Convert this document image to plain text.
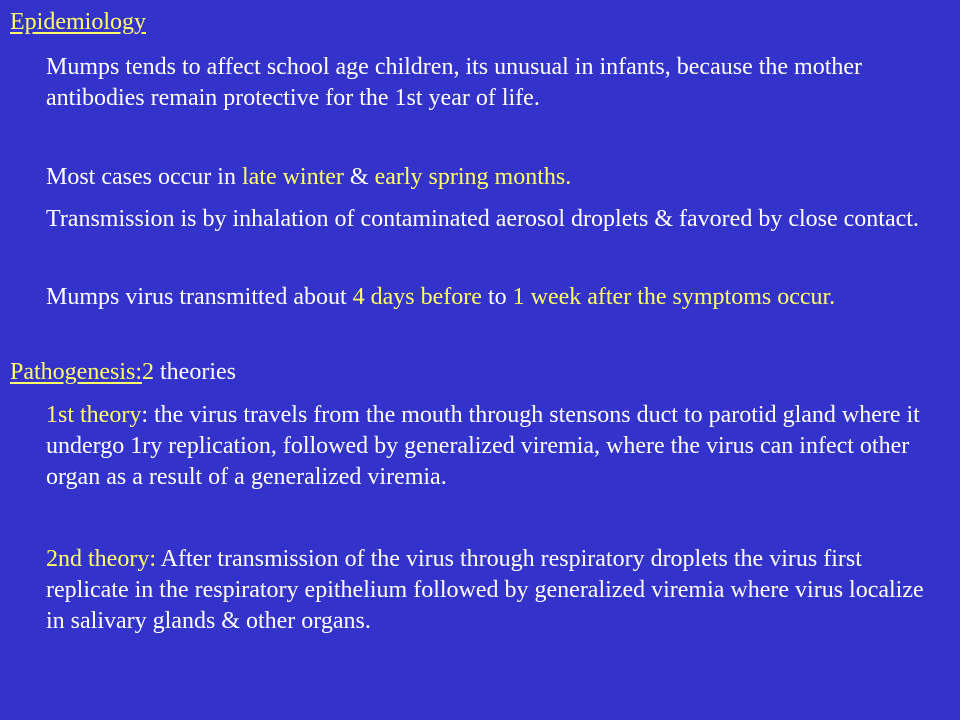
Epidemiology

Mumps tends to affect school age children, its unusual in infants, because the mother antibodies remain protective for the 1st year of life.

Most cases occur in late winter & early spring months.

Transmission is by inhalation of contaminated aerosol droplets & favored by close contact.

Mumps virus transmitted about 4 days before to 1 week after the symptoms occur.

Pathogenesis:2 theories

1st theory: the virus travels from the mouth through stensons duct to parotid gland where it undergo 1ry replication, followed by generalized viremia, where the virus can infect other organ as a result of a generalized viremia.

2nd theory: After transmission of the virus through respiratory droplets the virus first replicate in the respiratory epithelium followed by generalized viremia where virus localize in salivary glands & other organs.
